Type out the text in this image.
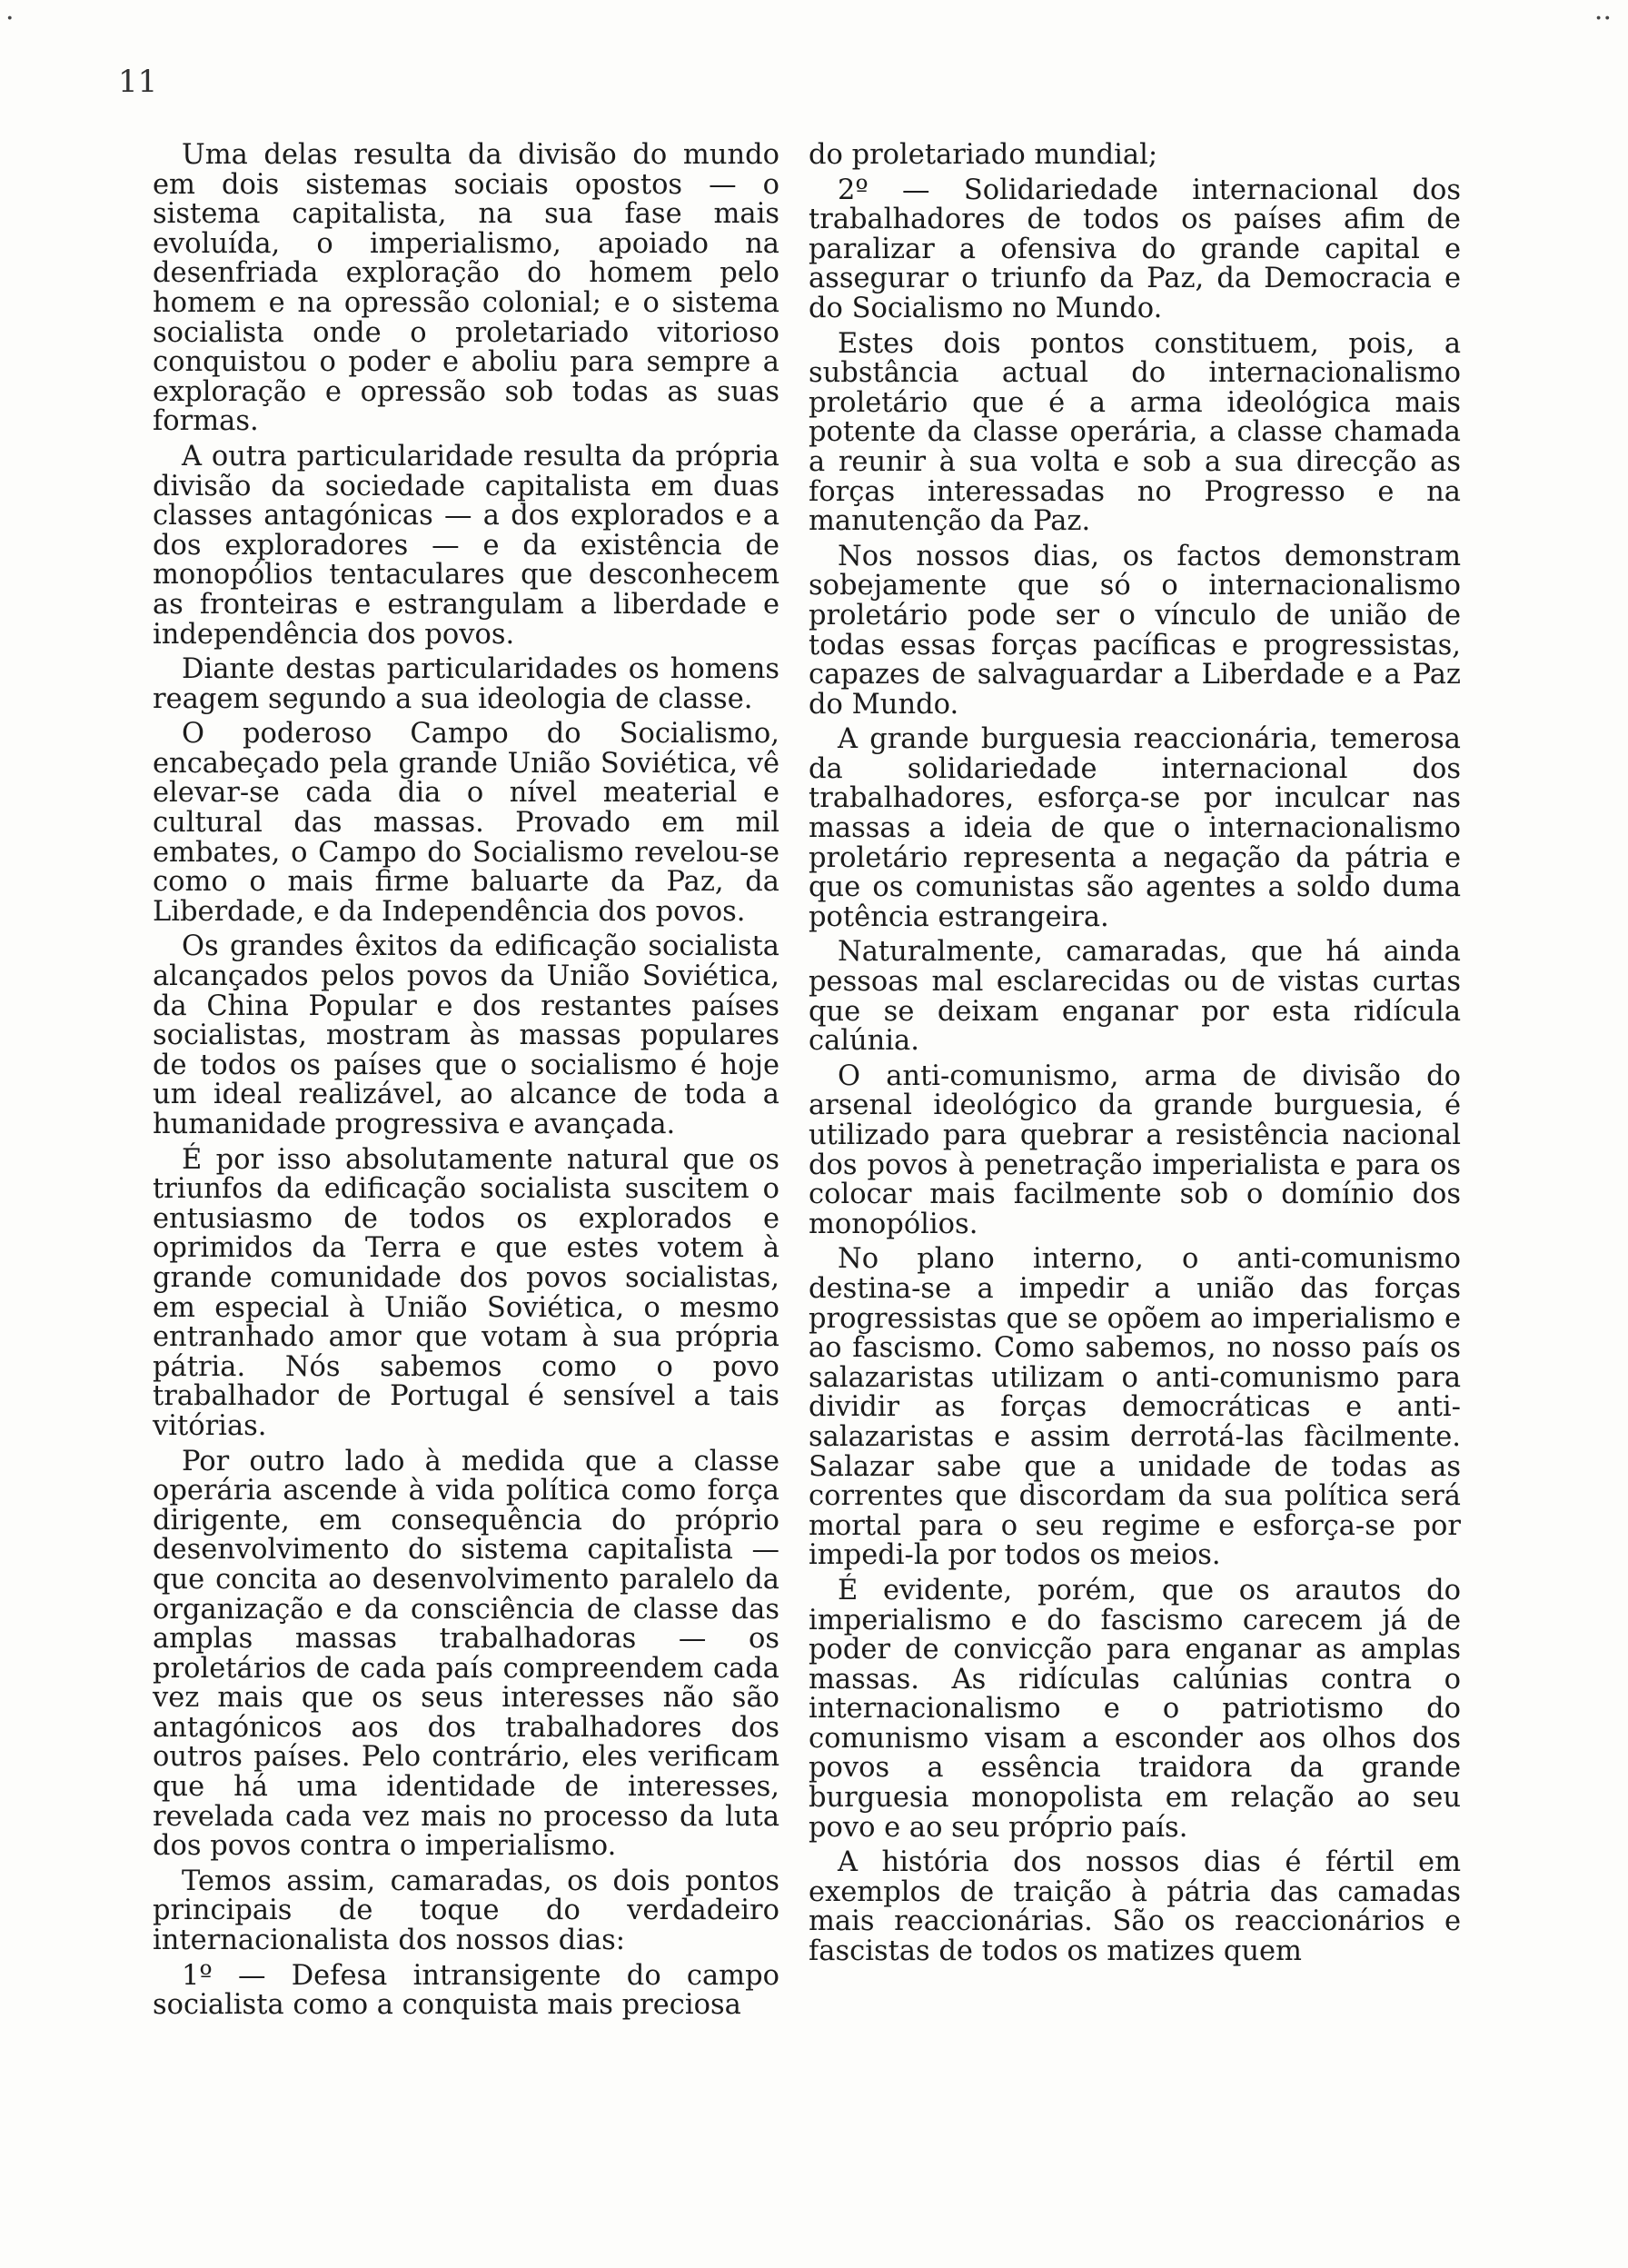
·	··
11

Uma delas resulta da divisão do mundo em dois sistemas sociais opostos — o sistema capitalista, na sua fase mais evoluída, o imperialismo, apoiado na desenfriada exploração do homem pelo homem e na opressão colonial; e o sistema socialista onde o proletariado vitorioso conquistou o poder e aboliu para sempre a exploração e opressão sob todas as suas formas.

A outra particularidade resulta da própria divisão da sociedade capitalista em duas classes antagónicas — a dos explorados e a dos exploradores — e da existência de monopólios tentaculares que desconhecem as fronteiras e estrangulam a liberdade e independência dos povos.

Diante destas particularidades os homens reagem segundo a sua ideologia de classe.

O poderoso Campo do Socialismo, encabeçado pela grande União Soviética, vê elevar-se cada dia o nível meaterial e cultural das massas. Provado em mil embates, o Campo do Socialismo revelou-se como o mais firme baluarte da Paz, da Liberdade, e da Independência dos povos.

Os grandes êxitos da edificação socialista alcançados pelos povos da União Soviética, da China Popular e dos restantes países socialistas, mostram às massas populares de todos os países que o socialismo é hoje um ideal realizável, ao alcance de toda a humanidade progressiva e avançada.

É por isso absolutamente natural que os triunfos da edificação socialista suscitem o entusiasmo de todos os explorados e oprimidos da Terra e que estes votem à grande comunidade dos povos socialistas, em especial à União Soviética, o mesmo entranhado amor que votam à sua própria pátria. Nós sabemos como o povo trabalhador de Portugal é sensível a tais vitórias.

Por outro lado à medida que a classe operária ascende à vida política como força dirigente, em consequência do próprio desenvolvimento do sistema capitalista — que concita ao desenvolvimento paralelo da organização e da consciência de classe das amplas massas trabalhadoras — os proletários de cada país compreendem cada vez mais que os seus interesses não são antagónicos aos dos trabalhadores dos outros países. Pelo contrário, eles verificam que há uma identidade de interesses, revelada cada vez mais no processo da luta dos povos contra o imperialismo.

Temos assim, camaradas, os dois pontos principais de toque do verdadeiro internacionalista dos nossos dias:

1º — Defesa intransigente do campo socialista como a conquista mais preciosa

do proletariado mundial;

2º — Solidariedade internacional dos trabalhadores de todos os países afim de paralizar a ofensiva do grande capital e assegurar o triunfo da Paz, da Democracia e do Socialismo no Mundo.

Estes dois pontos constituem, pois, a substância actual do internacionalismo proletário que é a arma ideológica mais potente da classe operária, a classe chamada a reunir à sua volta e sob a sua direcção as forças interessadas no Progresso e na manutenção da Paz.

Nos nossos dias, os factos demonstram sobejamente que só o internacionalismo proletário pode ser o vínculo de união de todas essas forças pacíficas e progressistas, capazes de salvaguardar a Liberdade e a Paz do Mundo.

A grande burguesia reaccionária, temerosa da solidariedade internacional dos trabalhadores, esforça-se por inculcar nas massas a ideia de que o internacionalismo proletário representa a negação da pátria e que os comunistas são agentes a soldo duma potência estrangeira.

Naturalmente, camaradas, que há ainda pessoas mal esclarecidas ou de vistas curtas que se deixam enganar por esta ridícula calúnia.

O anti-comunismo, arma de divisão do arsenal ideológico da grande burguesia, é utilizado para quebrar a resistência nacional dos povos à penetração imperialista e para os colocar mais facilmente sob o domínio dos monopólios.

No plano interno, o anti-comunismo destina-se a impedir a união das forças progressistas que se opõem ao imperialismo e ao fascismo. Como sabemos, no nosso país os salazaristas utilizam o anti-comunismo para dividir as forças democráticas e anti-salazaristas e assim derrotá-las fàcilmente. Salazar sabe que a unidade de todas as correntes que discordam da sua política será mortal para o seu regime e esforça-se por impedi-la por todos os meios.

É evidente, porém, que os arautos do imperialismo e do fascismo carecem já de poder de convicção para enganar as amplas massas. As ridículas calúnias contra o internacionalismo e o patriotismo do comunismo visam a esconder aos olhos dos povos a essência traidora da grande burguesia monopolista em relação ao seu povo e ao seu próprio país.

A história dos nossos dias é fértil em exemplos de traição à pátria das camadas mais reaccionárias. São os reaccionários e fascistas de todos os matizes quem
